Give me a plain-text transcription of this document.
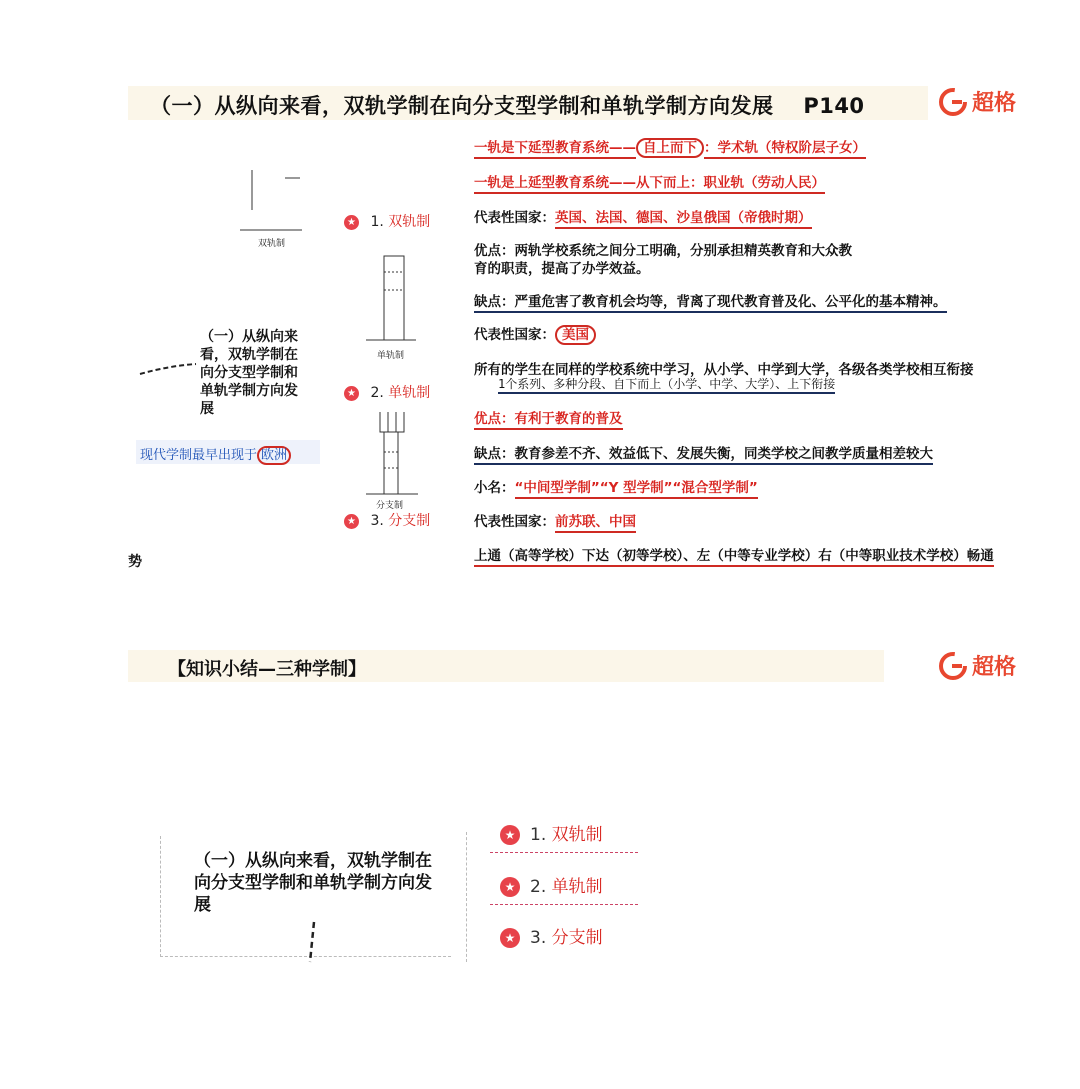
（一）从纵向来看，双轨学制在向分支型学制和单轨学制方向发展 P140	超格
双轨制
单轨制
分支制
★ 1. 双轨制
★ 2. 单轨制
★ 3. 分支制
（一）从纵向来看，双轨学制在向分支型学制和单轨学制方向发展
现代学制最早出现于 欧洲
势
一轨是下延型教育系统—— 自上而下 ：学术轨（特权阶层子女）
一轨是上延型教育系统——从下而上：职业轨（劳动人民）
代表性国家：英国、法国、德国、沙皇俄国（帝俄时期）
优点：两轨学校系统之间分工明确，分别承担精英教育和大众教
育的职责，提高了办学效益。
缺点：严重危害了教育机会均等，背离了现代教育普及化、公平化的基本精神。
代表性国家： 美国
所有的学生在同样的学校系统中学习，从小学、中学到大学，各级各类学校相互衔接
1个系列、多种分段、自下而上（小学、中学、大学）、上下衔接
优点：有利于教育的普及
缺点：教育参差不齐、效益低下、发展失衡，同类学校之间教学质量相差较大
小名：“中间型学制”“Y 型学制”“混合型学制”
代表性国家：前苏联、中国
上通（高等学校）下达（初等学校）、左（中等专业学校）右（中等职业技术学校）畅通
【知识小结—三种学制】	超格
（一）从纵向来看，双轨学制在向分支型学制和单轨学制方向发展
★ 1. 双轨制
★ 2. 单轨制
★ 3. 分支制
